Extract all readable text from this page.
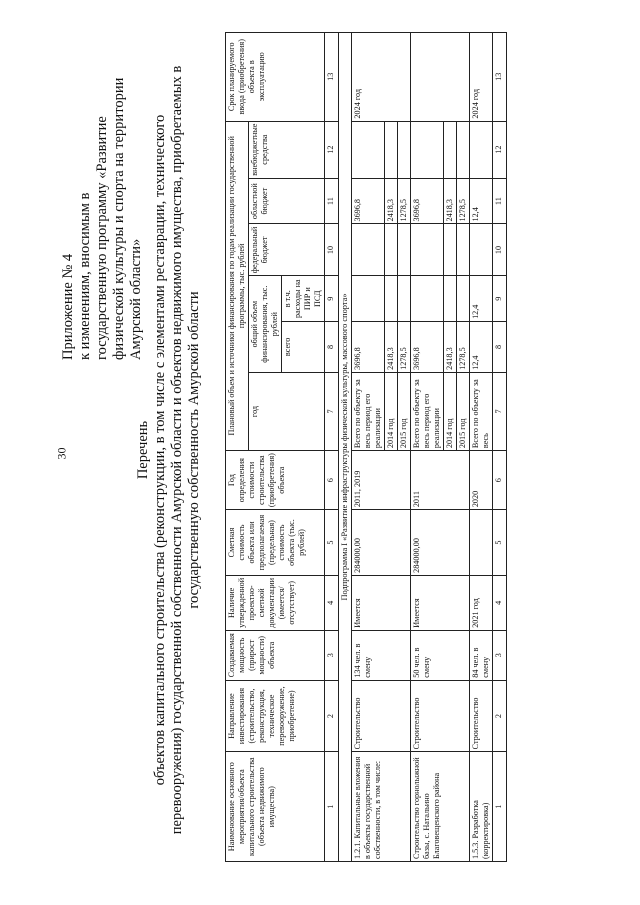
30
Приложение № 4 к изменениям, вносимым в государственную программу «Развитие физической культуры и спорта на территории Амурской области»
Перечень объектов капитального строительства (реконструкции, в том числе с элементами реставрации, технического перевооружения) государственной собственности Амурской области и объектов недвижимого имущества, приобретаемых в государственную собственность Амурской области
Наименование основного мероприятия/объекта капитального строительства (объекта недвижимого имущества)	Направление инвестирования (строительство, реконструкция, техническое перевооружение, приобретение)	Создаваемая мощность (прирост мощности) объекта	Наличие утвержденной проектно-сметной документации (имеется/отсутствует)	Сметная стоимость объекта или предполагаемая (предельная) стоимость объекта (тыс. рублей)	Год определения стоимости строительства (приобретения) объекта	Плановый объем и источники финансирования по годам реализации государственной программы, тыс. рублей						Срок планируемого ввода (приобретения) объекта в эксплуатацию
						год	общий объем финансирования, тыс. рублей		федеральный бюджет	областной бюджет	внебюджетные средства	
							всего	в т.ч. расходы на ПИР и ПСД				
1	2	3	4	5	6	7	8	9	10	11	12	13
Подпрограмма I «Развитие инфраструктуры физической культуры, массового спорта»												
1.2.1. Капитальные вложения в объекты государственной собственности, в том числе:	Строительство	134 чел. в смену	Имеется	284000,00	2011, 2019	Всего по объекту за весь период его реализации	3696,8			3696,8		2024 год
						2014 год	2418,3			2418,3		
						2015 год	1278,5			1278,5		
Строительство горнолыжной базы, с. Натальино Благовещенского района	Строительство	50 чел. в смену	Имеется	284000,00	2011	Всего по объекту за весь период его реализации	3696,8			3696,8		
						2014 год	2418,3			2418,3		
						2015 год	1278,5			1278,5		
1.5.3. Разработка (корректировка)	Строительство	84 чел. в смену	2021 год		2020	Всего по объекту за весь	12,4	12,4		12,4		2024 год
1	2	3	4	5	6	7	8	9	10	11	12	13
